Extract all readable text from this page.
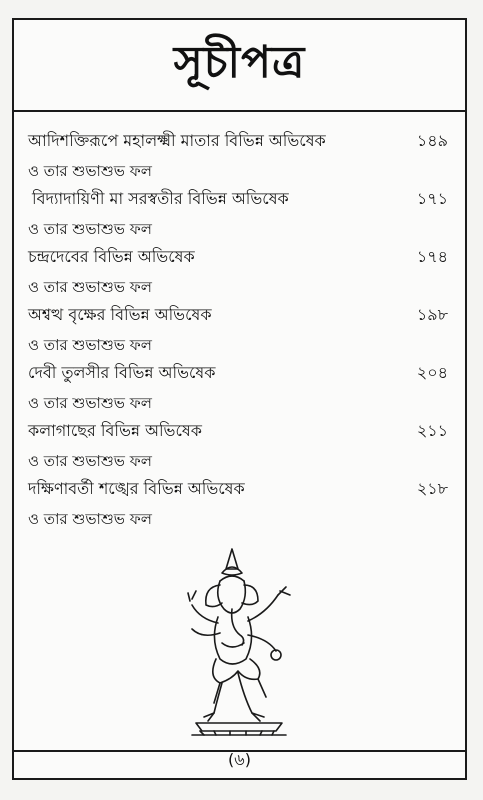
সূচীপত্র
আদিশক্তিরূপে মহালক্ষ্মী মাতার বিভিন্ন অভিষেক	১৪৯
ও তার শুভাশুভ ফল
বিদ্যাদায়িণী মা সরস্বতীর বিভিন্ন অভিষেক	১৭১
ও তার শুভাশুভ ফল
চন্দ্রদেবের বিভিন্ন অভিষেক	১৭৪
ও তার শুভাশুভ ফল
অশ্বত্থ বৃক্ষের বিভিন্ন অভিষেক	১৯৮
ও তার শুভাশুভ ফল
দেবী তুলসীর বিভিন্ন অভিষেক	২০৪
ও তার শুভাশুভ ফল
কলাগাছের বিভিন্ন অভিষেক	২১১
ও তার শুভাশুভ ফল
দক্ষিণাবর্তী শঙ্খের বিভিন্ন অভিষেক	২১৮
ও তার শুভাশুভ ফল
(৬)
